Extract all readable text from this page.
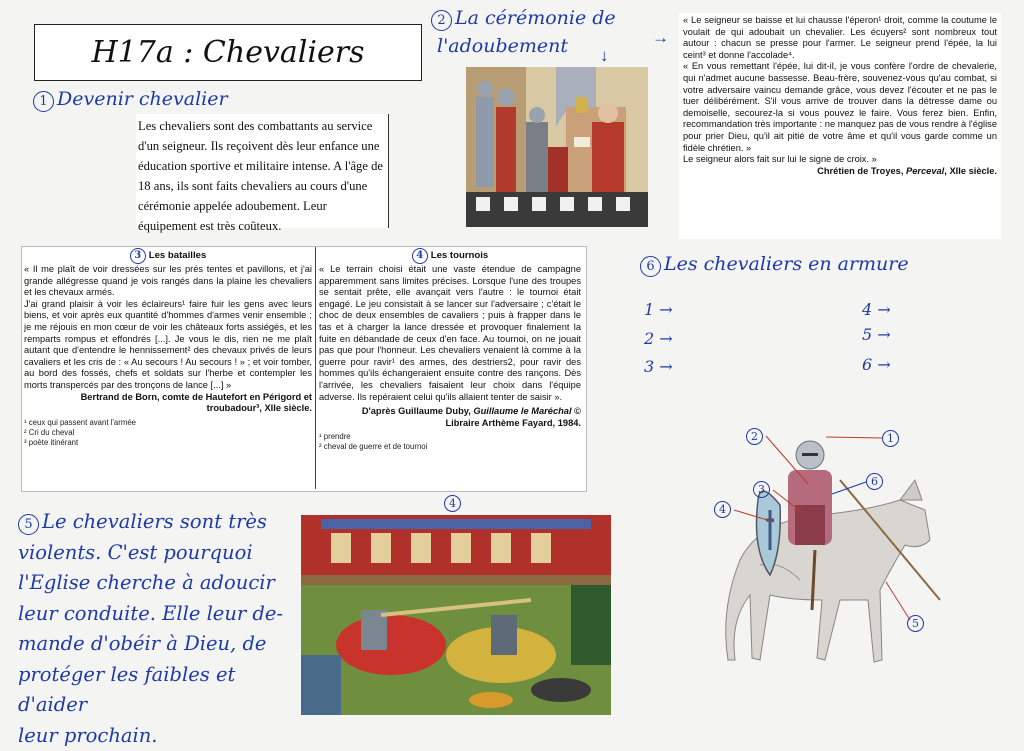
H17a : Chevaliers
1 Devenir chevalier
Les chevaliers sont des combattants au service d'un seigneur. Ils reçoivent dès leur enfance une éducation sportive et militaire intense. A l'âge de 18 ans, ils sont faits chevaliers au cours d'une cérémonie appelée adoubement. Leur équipement est très coûteux.
2 La cérémonie de
l'adoubement	↓
→

« Le seigneur se baisse et lui chausse l'éperon¹ droit, comme la coutume le voulait de qui adoubait un chevalier. Les écuyers² sont nombreux tout autour : chacun se presse pour l'armer. Le seigneur prend l'épée, la lui ceint³ et donne l'accolade⁴.

« En vous remettant l'épée, lui dit-il, je vous confère l'ordre de chevalerie, qui n'admet aucune bassesse. Beau-frère, souvenez-vous qu'au combat, si votre adversaire vaincu demande grâce, vous devez l'écouter et ne pas le tuer délibérément. S'il vous arrive de trouver dans la détresse dame ou demoiselle, secourez-la si vous pouvez le faire. Vous ferez bien. Enfin, recommandation très importante : ne manquez pas de vous rendre à l'église pour prier Dieu, qu'il ait pitié de votre âme et qu'il vous garde comme un fidèle chrétien. »

Le seigneur alors fait sur lui le signe de croix. »

Chrétien de Troyes, Perceval, XIIe siècle.

3 Les batailles

« Il me plaît de voir dressées sur les prés tentes et pavillons, et j'ai grande allégresse quand je vois rangés dans la plaine les chevaliers et les chevaux armés.

J'ai grand plaisir à voir les éclaireurs¹ faire fuir les gens avec leurs biens, et voir après eux quantité d'hommes d'armes venir ensemble ; je me réjouis en mon cœur de voir les châteaux forts assiégés, et les remparts rompus et effondrés [...]. Je vous le dis, rien ne me plaît autant que d'entendre le hennissement² des chevaux privés de leurs cavaliers et les cris de : « Au secours ! Au secours ! » ; et voir tomber, au bord des fossés, chefs et soldats sur l'herbe et contempler les morts transpercés par des tronçons de lance [...] »

Bertrand de Born, comte de Hautefort en Périgord et

troubadour³, XIIe siècle.

¹ ceux qui passent avant l'armée
² Cri du cheval
³ poète itinérant
4 Les tournois

« Le terrain choisi était une vaste étendue de campagne apparemment sans limites précises. Lorsque l'une des troupes se sentait prête, elle avançait vers l'autre : le tournoi était engagé. Le jeu consistait à se lancer sur l'adversaire ; c'était le choc de deux ensembles de cavaliers ; puis à frapper dans le tas et à charger la lance dressée et provoquer finalement la fuite en débandade de ceux d'en face. Au tournoi, on ne jouait pas que pour l'honneur. Les chevaliers venaient là comme à la guerre pour ravir¹ des armes, des destriers2, pour ravir des hommes qu'ils échangeraient ensuite contre des rançons. Dès l'arrivée, les chevaliers faisaient leur choix dans l'équipe adverse. Ils repéraient celui qu'ils allaient tenter de saisir ».

D'après Guillaume Duby, Guillaume le Maréchal ©

Libraire Arthème Fayard, 1984.

¹ prendre
² cheval de guerre et de tournoi
4
5 Le chevaliers sont très
violents. C'est pourquoi
l'Eglise cherche à adoucir
leur conduite. Elle leur de-
mande d'obéir à Dieu, de
protéger les faibles et d'aider
leur prochain.
6 Les chevaliers en armure
1 →
2 →
3 →
4 →
5 →
6 →
2	1
3
6
4
5
